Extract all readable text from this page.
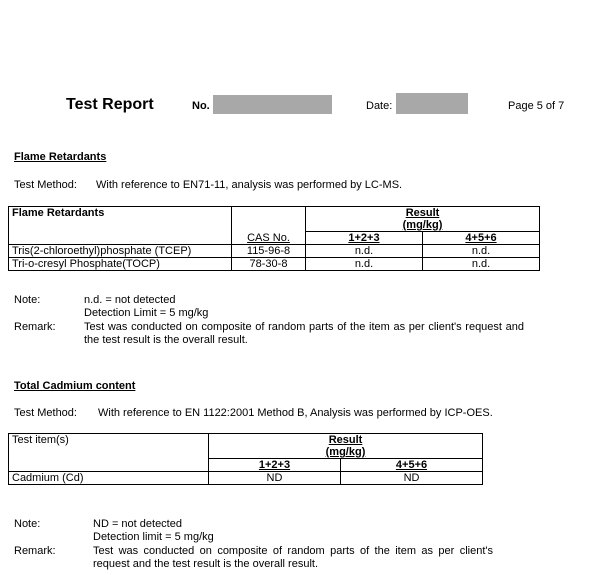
Test Report	No.	Date:	Page 5 of 7
Flame Retardants
Test Method: With reference to EN71-11, analysis was performed by LC-MS.
Flame Retardants		Result
(mg/kg)	

	CAS No.	1+2+3	4+5+6
Tris(2-chloroethyl)phosphate (TCEP)	115-96-8	n.d.	n.d.
Tri-o-cresyl Phosphate(TOCP)	78-30-8	n.d.	n.d.
Note:	n.d. = not detected
Detection Limit = 5 mg/kg
Remark:	Test was conducted on composite of random parts of the item as per client's request and the test result is the overall result.
Total Cadmium content
Test Method: With reference to EN 1122:2001 Method B, Analysis was performed by ICP-OES.
Test item(s)	Result
(mg/kg)	

	1+2+3	4+5+6
Cadmium (Cd)	ND	ND
Note:	ND = not detected
Detection limit = 5 mg/kg
Remark:	Test was conducted on composite of random parts of the item as per client's request and the test result is the overall result.
